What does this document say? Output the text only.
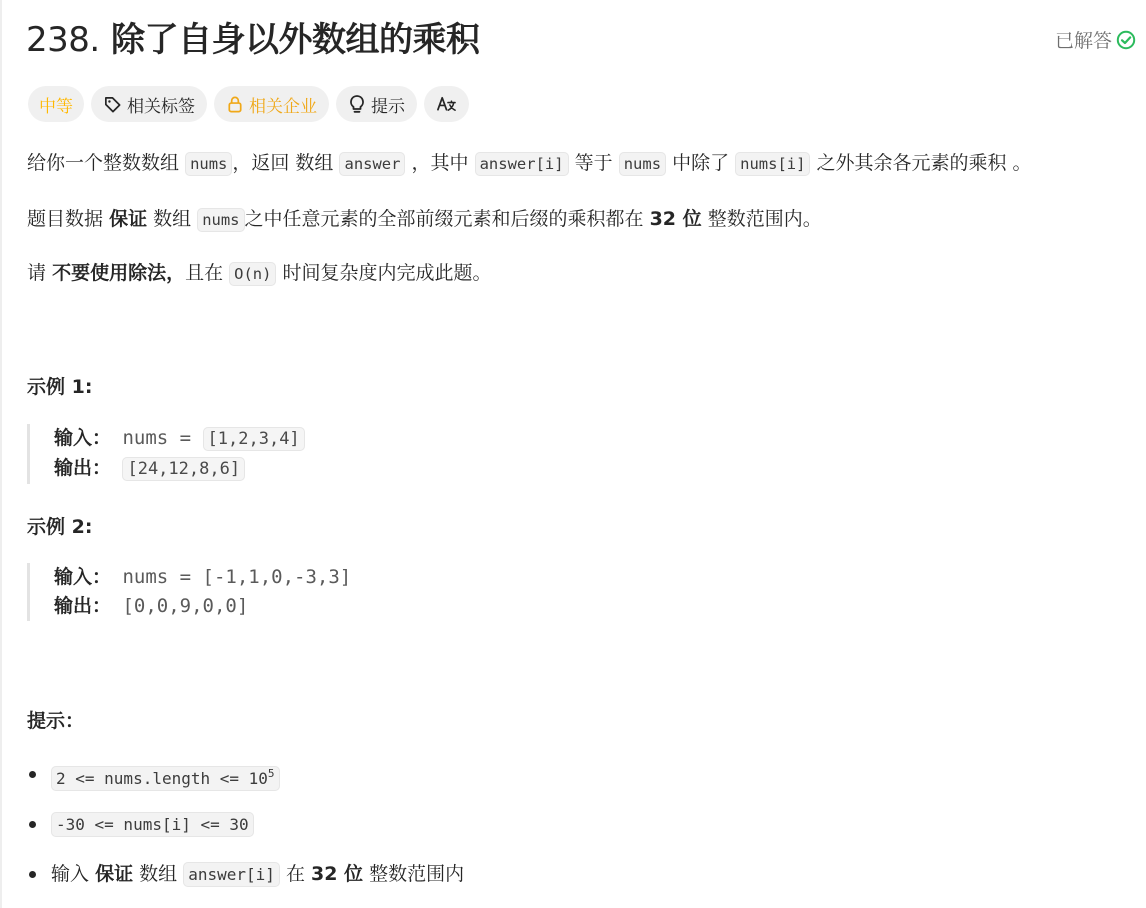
238. 除了自身以外数组的乘积	已解答
中等	相关标签	相关企业	提示
给你一个整数数组 nums ，返回 数组 answer ，其中 answer[i] 等于 nums 中除了 nums[i] 之外其余各元素的乘积 。
题目数据 保证 数组 nums 之中任意元素的全部前缀元素和后缀的乘积都在 32 位 整数范围内。
请 不要使用除法，且在 O(n) 时间复杂度内完成此题。
示例 1:
输入： nums = [1,2,3,4]
输出： [24,12,8,6]
示例 2:
输入： nums = [-1,1,0,-3,3]
输出： [0,0,9,0,0]
提示：
2 <= nums.length <= $10^5$
-30 <= nums[i] <= 30
输入 保证 数组 answer[i] 在 32 位 整数范围内
